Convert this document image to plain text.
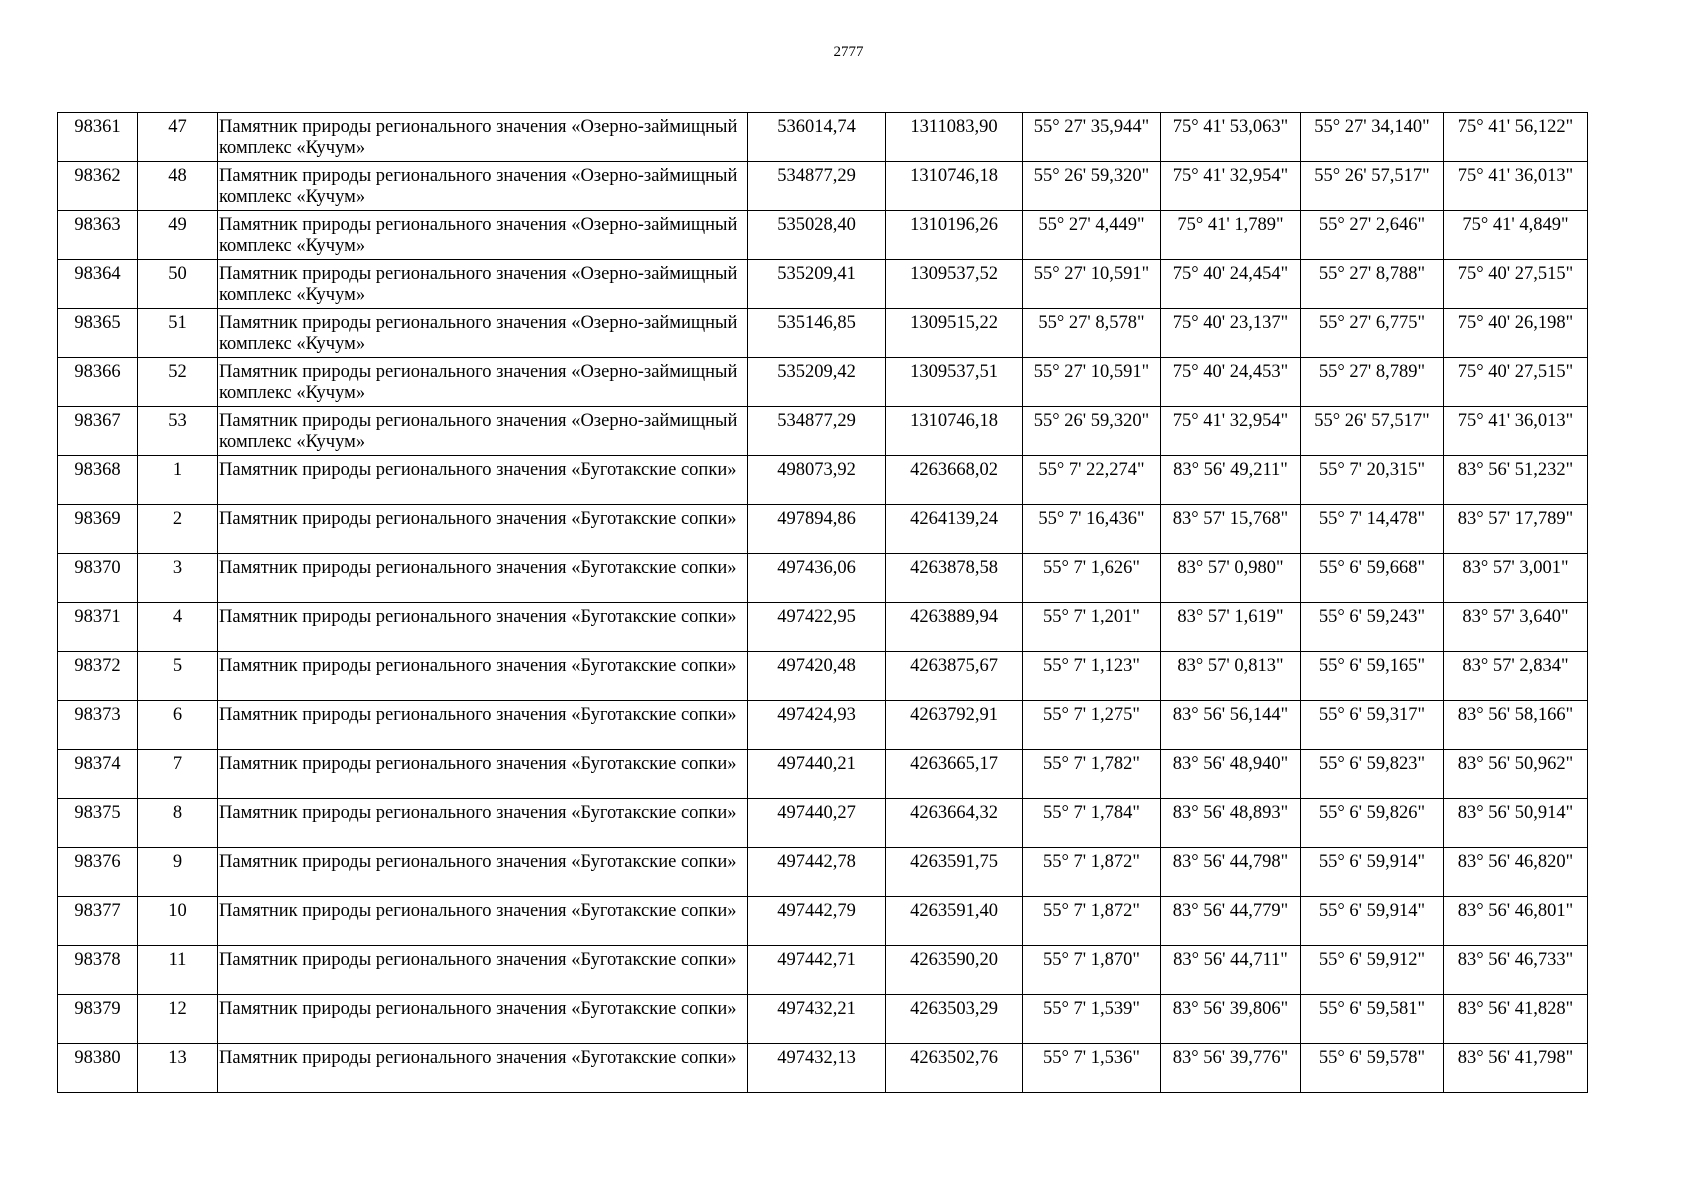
2777
98361	47	Памятник природы регионального значения «Озерно-займищный комплекс «Кучум»	536014,74	1311083,90	55° 27' 35,944"	75° 41' 53,063"	55° 27' 34,140"	75° 41' 56,122"
98362	48	Памятник природы регионального значения «Озерно-займищный комплекс «Кучум»	534877,29	1310746,18	55° 26' 59,320"	75° 41' 32,954"	55° 26' 57,517"	75° 41' 36,013"
98363	49	Памятник природы регионального значения «Озерно-займищный комплекс «Кучум»	535028,40	1310196,26	55° 27' 4,449"	75° 41' 1,789"	55° 27' 2,646"	75° 41' 4,849"
98364	50	Памятник природы регионального значения «Озерно-займищный комплекс «Кучум»	535209,41	1309537,52	55° 27' 10,591"	75° 40' 24,454"	55° 27' 8,788"	75° 40' 27,515"
98365	51	Памятник природы регионального значения «Озерно-займищный комплекс «Кучум»	535146,85	1309515,22	55° 27' 8,578"	75° 40' 23,137"	55° 27' 6,775"	75° 40' 26,198"
98366	52	Памятник природы регионального значения «Озерно-займищный комплекс «Кучум»	535209,42	1309537,51	55° 27' 10,591"	75° 40' 24,453"	55° 27' 8,789"	75° 40' 27,515"
98367	53	Памятник природы регионального значения «Озерно-займищный комплекс «Кучум»	534877,29	1310746,18	55° 26' 59,320"	75° 41' 32,954"	55° 26' 57,517"	75° 41' 36,013"
98368	1	Памятник природы регионального значения «Буготакские сопки»	498073,92	4263668,02	55° 7' 22,274"	83° 56' 49,211"	55° 7' 20,315"	83° 56' 51,232"
98369	2	Памятник природы регионального значения «Буготакские сопки»	497894,86	4264139,24	55° 7' 16,436"	83° 57' 15,768"	55° 7' 14,478"	83° 57' 17,789"
98370	3	Памятник природы регионального значения «Буготакские сопки»	497436,06	4263878,58	55° 7' 1,626"	83° 57' 0,980"	55° 6' 59,668"	83° 57' 3,001"
98371	4	Памятник природы регионального значения «Буготакские сопки»	497422,95	4263889,94	55° 7' 1,201"	83° 57' 1,619"	55° 6' 59,243"	83° 57' 3,640"
98372	5	Памятник природы регионального значения «Буготакские сопки»	497420,48	4263875,67	55° 7' 1,123"	83° 57' 0,813"	55° 6' 59,165"	83° 57' 2,834"
98373	6	Памятник природы регионального значения «Буготакские сопки»	497424,93	4263792,91	55° 7' 1,275"	83° 56' 56,144"	55° 6' 59,317"	83° 56' 58,166"
98374	7	Памятник природы регионального значения «Буготакские сопки»	497440,21	4263665,17	55° 7' 1,782"	83° 56' 48,940"	55° 6' 59,823"	83° 56' 50,962"
98375	8	Памятник природы регионального значения «Буготакские сопки»	497440,27	4263664,32	55° 7' 1,784"	83° 56' 48,893"	55° 6' 59,826"	83° 56' 50,914"
98376	9	Памятник природы регионального значения «Буготакские сопки»	497442,78	4263591,75	55° 7' 1,872"	83° 56' 44,798"	55° 6' 59,914"	83° 56' 46,820"
98377	10	Памятник природы регионального значения «Буготакские сопки»	497442,79	4263591,40	55° 7' 1,872"	83° 56' 44,779"	55° 6' 59,914"	83° 56' 46,801"
98378	11	Памятник природы регионального значения «Буготакские сопки»	497442,71	4263590,20	55° 7' 1,870"	83° 56' 44,711"	55° 6' 59,912"	83° 56' 46,733"
98379	12	Памятник природы регионального значения «Буготакские сопки»	497432,21	4263503,29	55° 7' 1,539"	83° 56' 39,806"	55° 6' 59,581"	83° 56' 41,828"
98380	13	Памятник природы регионального значения «Буготакские сопки»	497432,13	4263502,76	55° 7' 1,536"	83° 56' 39,776"	55° 6' 59,578"	83° 56' 41,798"
